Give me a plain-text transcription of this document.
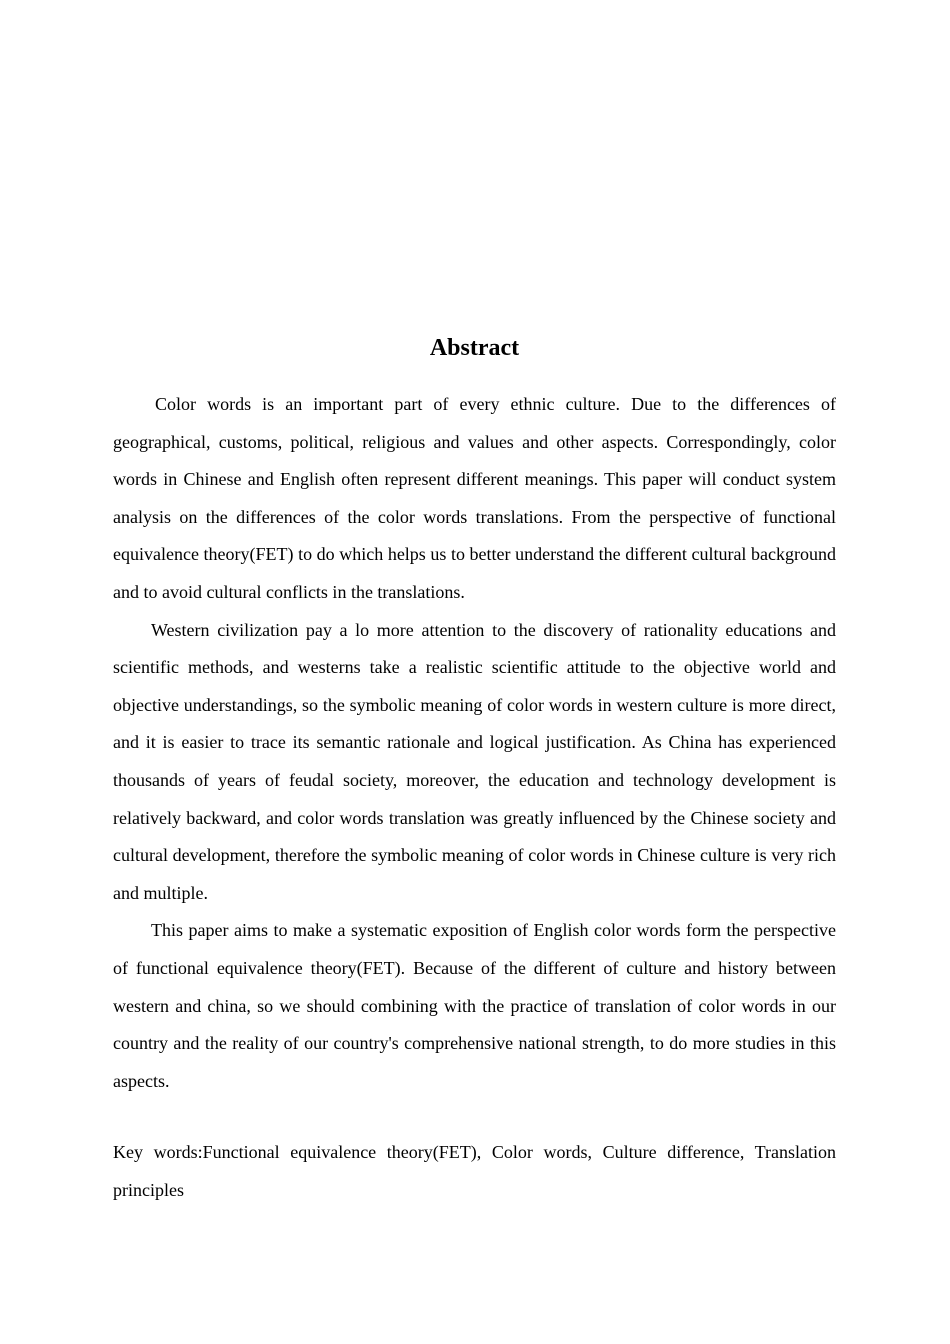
Abstract

Color words is an important part of every ethnic culture. Due to the differences of geographical, customs, political, religious and values and other aspects. Correspondingly, color words in Chinese and English often represent different meanings. This paper will conduct system analysis on the differences of the color words translations. From the perspective of functional equivalence theory(FET) to do which helps us to better understand the different cultural background and to avoid cultural conflicts in the translations.

Western civilization pay a lo more attention to the discovery of rationality educations and scientific methods, and westerns take a realistic scientific attitude to the objective world and objective understandings, so the symbolic meaning of color words in western culture is more direct, and it is easier to trace its semantic rationale and logical justification. As China has experienced thousands of years of feudal society, moreover, the education and technology development is relatively backward, and color words translation was greatly influenced by the Chinese society and cultural development, therefore the symbolic meaning of color words in Chinese culture is very rich and multiple.

This paper aims to make a systematic exposition of English color words form the perspective of functional equivalence theory(FET). Because of the different of culture and history between western and china, so we should combining with the practice of translation of color words in our country and the reality of our country's comprehensive national strength, to do more studies in this aspects.

Key words:Functional equivalence theory(FET), Color words, Culture difference, Translation principles
